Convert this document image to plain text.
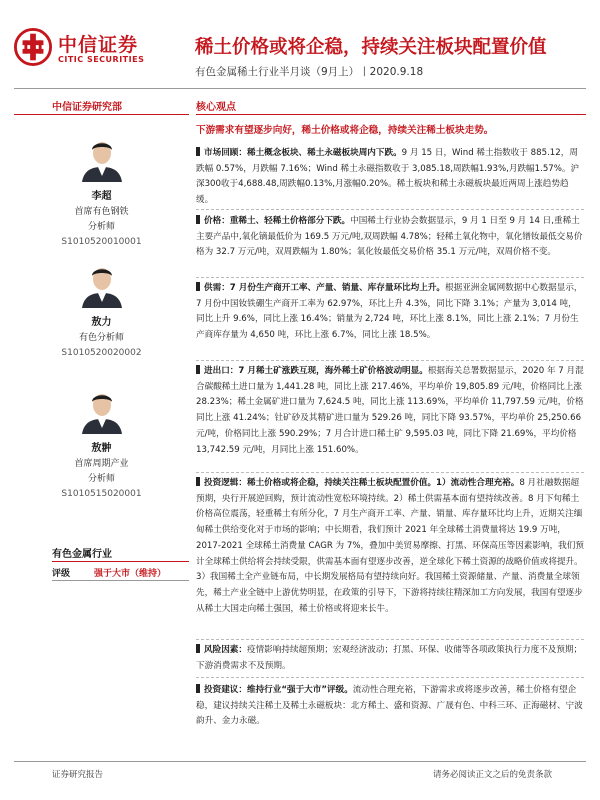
中信证券
CITIC SECURITIES
稀土价格或将企稳，持续关注板块配置价值
有色金属稀土行业半月谈（9月上）丨2020.9.18
中信证券研究部
李超
首席有色钢铁
分析师
S1010520010001
敖力
有色分析师
S1010520020002
敖翀
首席周期产业
分析师
S1010515020001
有色金属行业
评级	强于大市（维持）
核心观点
下游需求有望逐步向好，稀土价格或将企稳，持续关注稀土板块走势。
市场回顾：稀土概念板块、稀土永磁板块周内下跌。9 月 15 日，Wind 稀土指数收于 885.12，周跌幅 0.57%，月跌幅 7.16%；Wind 稀土永磁指数收于 3,085.18,周跌幅1.93%,月跌幅1.57%。沪深300收于4,688.48,周跌幅0.13%,月涨幅0.20%。稀土板块和稀土永磁板块最近两周上涨趋势趋缓。
价格：重稀土、轻稀土价格部分下跌。中国稀土行业协会数据显示，9 月 1 日至 9 月 14 日,重稀土主要产品中,氧化镝最低价为 169.5 万元/吨,双周跌幅 4.78%；轻稀土氧化物中，氧化镨钕最低交易价格为 32.7 万元/吨，双周跌幅为 1.80%；氧化钕最低交易价格 35.1 万元/吨，双周价格不变。
供需：7 月份生产商开工率、产量、销量、库存量环比均上升。根据亚洲金属网数据中心数据显示，7 月份中国钕铁硼生产商开工率为 62.97%，环比上升 4.3%，同比下降 3.1%；产量为 3,014 吨，同比上升 9.6%，同比上涨 16.4%；销量为 2,724 吨，环比上涨 8.1%，同比上涨 2.1%；7 月份生产商库存量为 4,650 吨，环比上涨 6.7%，同比上涨 18.5%。
进出口：7 月稀土矿涨跌互现，海外稀土矿价格波动明显。根据海关总署数据显示，2020 年 7 月混合碳酸稀土进口量为 1,441.28 吨，同比上涨 217.46%，平均单价 19,805.89 元/吨，价格同比上涨 28.23%；稀土金属矿进口量为 7,624.5 吨，同比上涨 113.69%，平均单价 11,797.59 元/吨，价格同比上涨 41.24%；钍矿砂及其精矿进口量为 529.26 吨，同比下降 93.57%，平均单价 25,250.66 元/吨，价格同比上涨 590.29%；7 月合计进口稀土矿 9,595.03 吨，同比下降 21.69%，平均价格 13,742.59 元/吨，月同比上涨 151.60%。
投资逻辑：稀土价格或将企稳，持续关注稀土板块配置价值。1）流动性合理充裕。8 月社融数据超预期，央行开展逆回购，预计流动性宽松环境持续。2）稀土供需基本面有望持续改善。8 月下旬稀土价格高位震荡，轻重稀土有所分化，7 月生产商开工率、产量、销量、库存量环比均上升，近期关注缅甸稀土供给变化对于市场的影响；中长期看，我们预计 2021 年全球稀土消费量将达 19.9 万吨，2017-2021 全球稀土消费量 CAGR 为 7%，叠加中美贸易摩擦、打黑、环保高压等因素影响，我们预计全球稀土供给将会持续受限，供需基本面有望逐步改善，逆全球化下稀土资源的战略价值或将提升。3）我国稀土全产业链布局，中长期发展格局有望持续向好。我国稀土资源储量、产量、消费量全球领先，稀土产业全链中上游优势明显，在政策的引导下，下游将持续往精深加工方向发展，我国有望逐步从稀土大国走向稀土强国，稀土价格或将迎来长牛。
风险因素：疫情影响持续超预期；宏观经济波动；打黑、环保、收储等各项政策执行力度不及预期；下游消费需求不及预期。
投资建议：维持行业“强于大市”评级。流动性合理充裕，下游需求或将逐步改善，稀土价格有望企稳，建议持续关注稀土及稀土永磁板块：北方稀土、盛和资源、广晟有色、中科三环、正海磁材、宁波韵升、金力永磁。
证券研究报告	请务必阅读正文之后的免责条款
